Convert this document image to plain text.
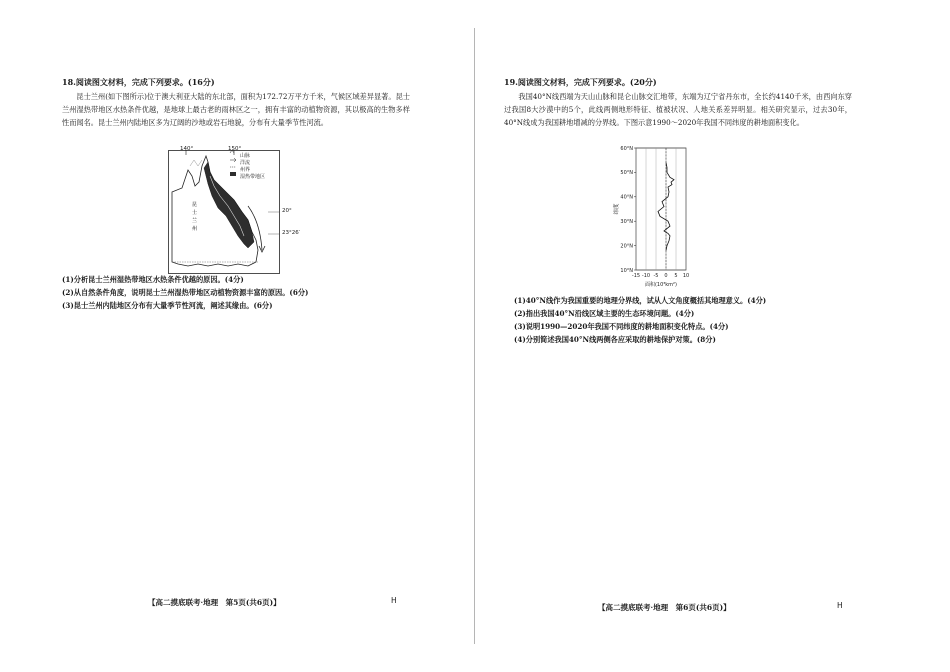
18.阅读图文材料，完成下列要求。(16分)
昆士兰州(如下图所示)位于澳大利亚大陆的东北部，面积为172.72万平方千米，气候区域差异显著。昆士兰州湿热带地区水热条件优越，是地球上最古老的雨林区之一，拥有丰富的动植物资源，其以极高的生物多样性而闻名。昆士兰州内陆地区多为辽阔的沙地或岩石地貌，分布有大量季节性河流。
昆
士
兰
州
140°	150°
山脉
洋流
州界
湿热带地区
20°
23°26′
(1)分析昆士兰州湿热带地区水热条件优越的原因。(4分)
(2)从自然条件角度，说明昆士兰州湿热带地区动植物资源丰富的原因。(6分)
(3)昆士兰州内陆地区分布有大量季节性河流，阐述其缘由。(6分)
【高二摸底联考·地理　第5页(共6页)】	H
19.阅读图文材料，完成下列要求。(20分)
我国40°N线西端为天山山脉和昆仑山脉交汇地带，东端为辽宁省丹东市，全长约4140千米，由西向东穿过我国8大沙漠中的5个，此线两侧地形特征、植被状况、人地关系差异明显。相关研究显示，过去30年，40°N线成为我国耕地增减的分界线。下图示意1990～2020年我国不同纬度的耕地面积变化。
-15 -10 -5 0 5 10
10°N
20°N
30°N
40°N
50°N
60°N
面积(10³km²)
纬度
(1)40°N线作为我国重要的地理分界线，试从人文角度概括其地理意义。(4分)
(2)指出我国40°N沿线区域主要的生态环境问题。(4分)
(3)说明1990—2020年我国不同纬度的耕地面积变化特点。(4分)
(4)分别简述我国40°N线两侧各应采取的耕地保护对策。(8分)
【高二摸底联考·地理　第6页(共6页)】	H
